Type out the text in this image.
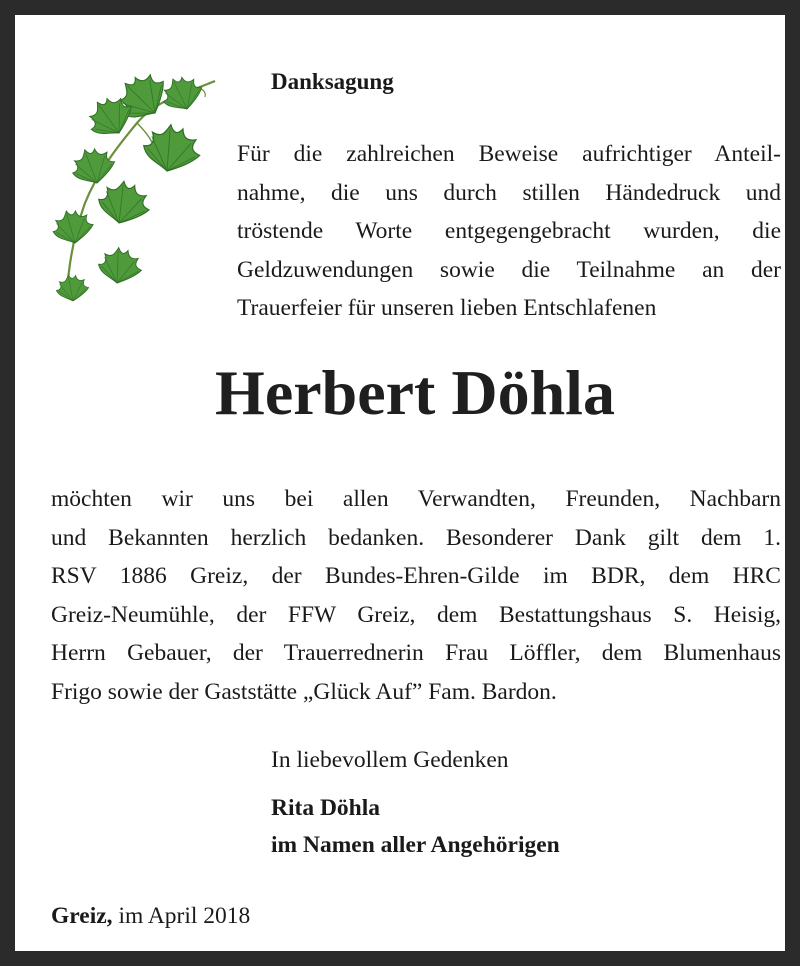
Danksagung
Für die zahlreichen Beweise aufrichtiger Anteil-
nahme, die uns durch stillen Händedruck und
tröstende Worte entgegengebracht wurden, die
Geldzuwendungen sowie die Teilnahme an der
Trauerfeier für unseren lieben Entschlafenen
Herbert Döhla
möchten wir uns bei allen Verwandten, Freunden, Nachbarn
und Bekannten herzlich bedanken. Besonderer Dank gilt dem 1.
RSV 1886 Greiz, der Bundes-Ehren-Gilde im BDR, dem HRC
Greiz-Neumühle, der FFW Greiz, dem Bestattungshaus S. Heisig,
Herrn Gebauer, der Trauerrednerin Frau Löffler, dem Blumenhaus
Frigo sowie der Gaststätte „Glück Auf” Fam. Bardon.
In liebevollem Gedenken
Rita Döhla
im Namen aller Angehörigen
Greiz, im April 2018
